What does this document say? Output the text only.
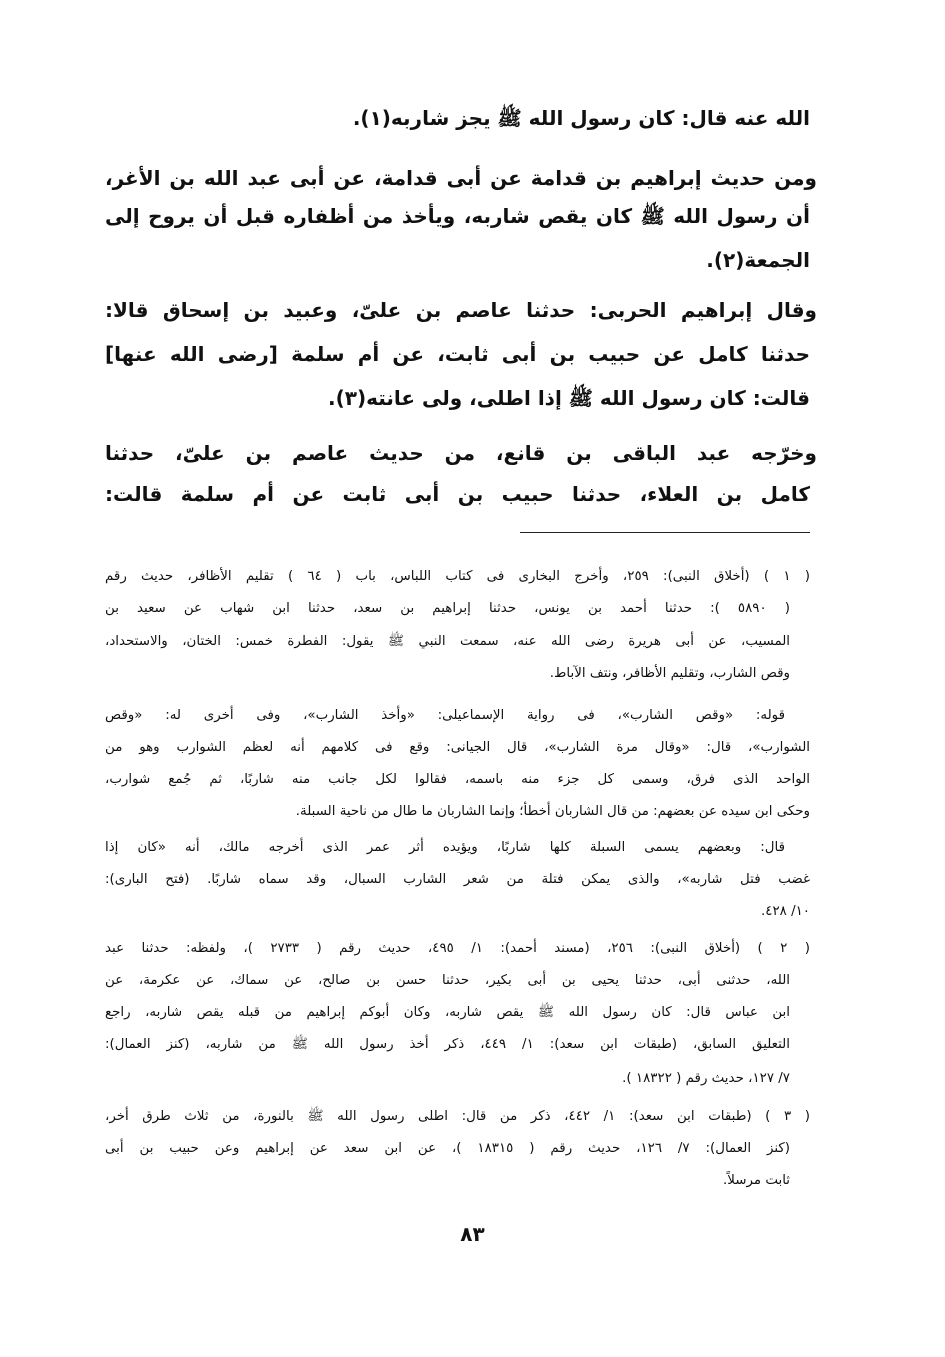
الله عنه قال: كان رسول الله ﷺ يجز شاربه(١).
ومن حديث إبراهيم بن قدامة عن أبى قدامة، عن أبى عبد الله بن الأغر،
أن رسول الله ﷺ كان يقص شاربه، ويأخذ من أظفاره قبل أن يروح إلى
الجمعة(٢).
وقال إبراهيم الحربى: حدثنا عاصم بن علىّ، وعبيد بن إسحاق قالا:
حدثنا كامل عن حبيب بن أبى ثابت، عن أم سلمة [رضى الله عنها]
قالت: كان رسول الله ﷺ إذا اطلى، ولى عانته(٣).
وخرّجه عبد الباقى بن قانع، من حديث عاصم بن علىّ، حدثنا
كامل بن العلاء، حدثنا حبيب بن أبى ثابت عن أم سلمة قالت:
( ١ ) (أخلاق النبى): ٢٥٩، وأخرج البخارى فى كتاب اللباس، باب ( ٦٤ ) تقليم الأظافر، حديث رقم
( ٥٨٩٠ ): حدثنا أحمد بن يونس، حدثنا إبراهيم بن سعد، حدثنا ابن شهاب عن سعيد بن
المسيب، عن أبى هريرة رضى الله عنه، سمعت النبي ﷺ يقول: الفطرة خمس: الختان، والاستحداد،
وقص الشارب، وتقليم الأظافر، ونتف الآباط.
قوله: «وقص الشارب»، فى رواية الإسماعيلى: «وأخذ الشارب»، وفى أخرى له: «وقص
الشوارب»، قال: «وقال مرة الشارب»، قال الجيانى: وقع فى كلامهم أنه لعظم الشوارب وهو من
الواحد الذى فرق، وسمى كل جزء منه باسمه، فقالوا لكل جانب منه شاربًا، ثم جُمع شوارب،
وحكى ابن سيده عن بعضهم: من قال الشاربان أخطأ؛ وإنما الشاربان ما طال من ناحية السبلة.
قال: وبعضهم يسمى السبلة كلها شاربًا، ويؤيده أثر عمر الذى أخرجه مالك، أنه «كان إذا
غضب فتل شاربه»، والذى يمكن فتلة من شعر الشارب السبال، وقد سماه شاربًا. (فتح البارى):
١٠/ ٤٢٨.
( ٢ ) (أخلاق النبى): ٢٥٦، (مسند أحمد): ١/ ٤٩٥، حديث رقم ( ٢٧٣٣ )، ولفظه: حدثنا عبد
الله، حدثنى أبى، حدثنا يحيى بن أبى بكير، حدثنا حسن بن صالح، عن سماك، عن عكرمة، عن
ابن عباس قال: كان رسول الله ﷺ يقص شاربه، وكان أبوكم إبراهيم من قبله يقص شاربه، راجع
التعليق السابق، (طبقات ابن سعد): ١/ ٤٤٩، ذكر أخذ رسول الله ﷺ من شاربه، (كنز العمال):
٧/ ١٢٧، حديث رقم ( ١٨٣٢٢ ).
( ٣ ) (طبقات ابن سعد): ١/ ٤٤٢، ذكر من قال: اطلى رسول الله ﷺ بالنورة، من ثلاث طرق أخر،
(كنز العمال): ٧/ ١٢٦، حديث رقم ( ١٨٣١٥ )، عن ابن سعد عن إبراهيم وعن حبيب بن أبى
ثابت مرسلاً.
٨٣
